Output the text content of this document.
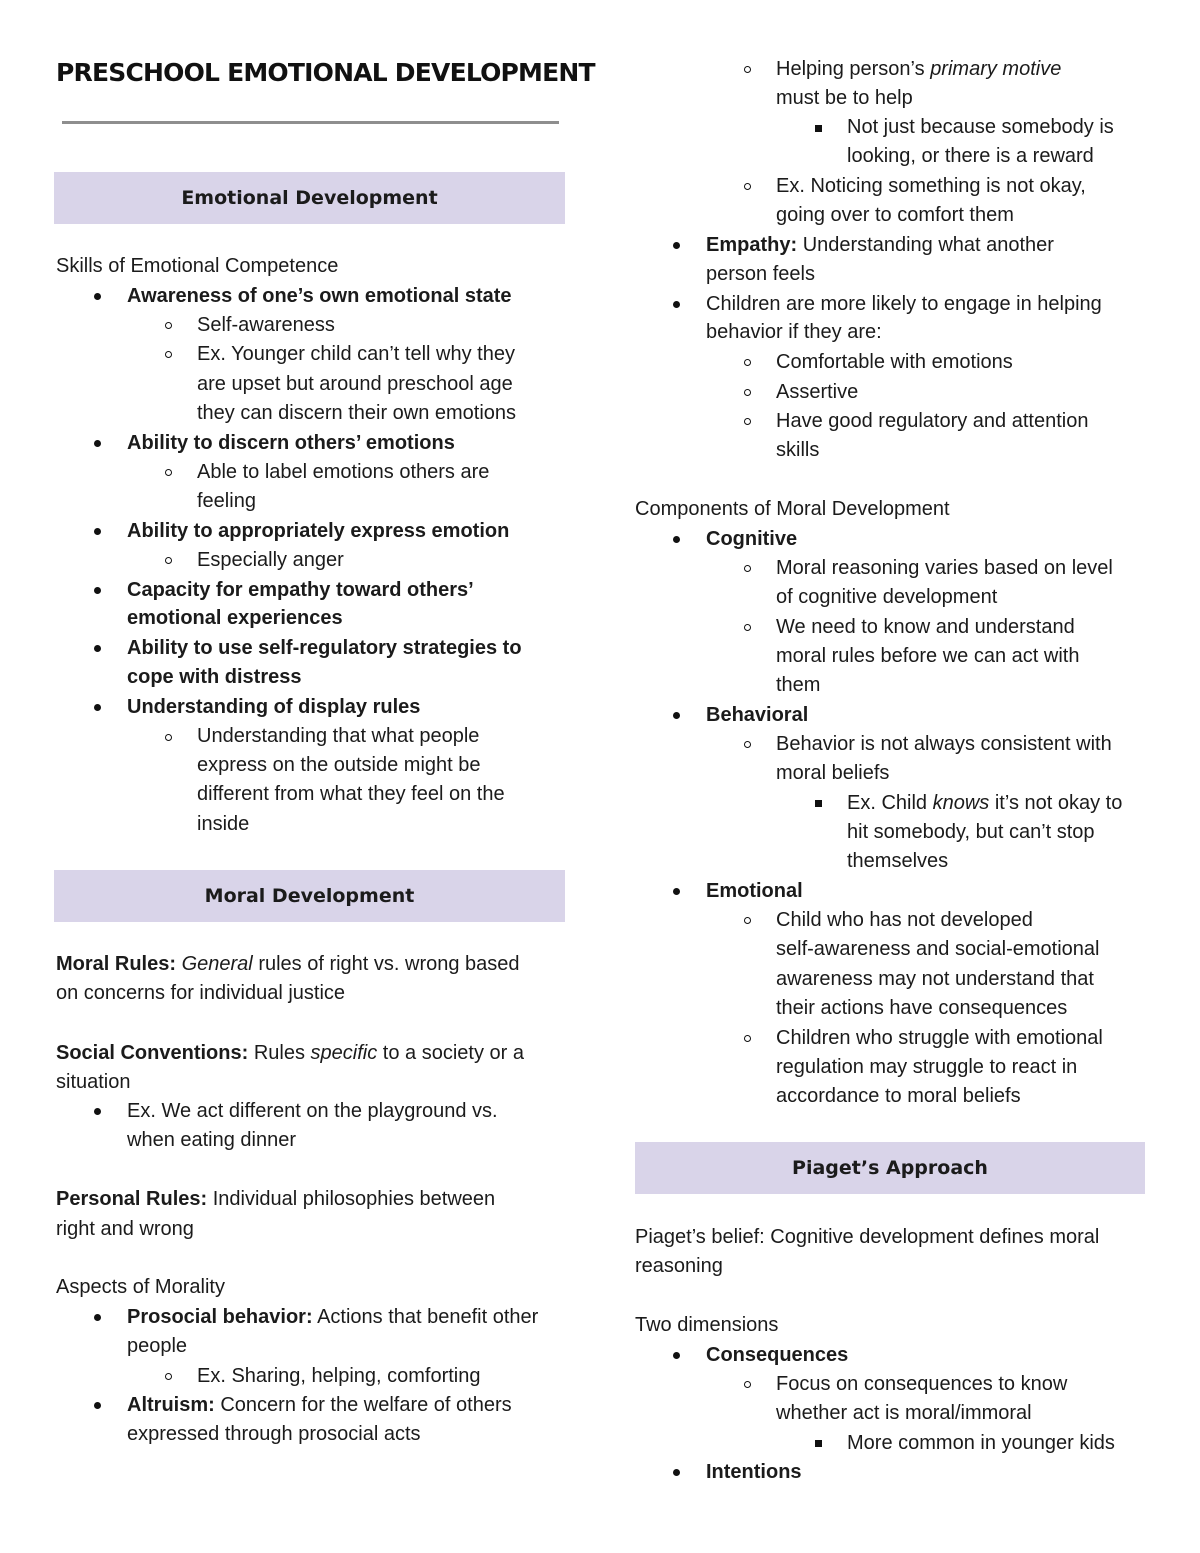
PRESCHOOL EMOTIONAL DEVELOPMENT
Emotional Development
Skills of Emotional Competence
Awareness of one’s own emotional state
Self-awareness
Ex. Younger child can’t tell why they
are upset but around preschool age
they can discern their own emotions
Ability to discern others’ emotions
Able to label emotions others are
feeling
Ability to appropriately express emotion
Especially anger
Capacity for empathy toward others’
emotional experiences
Ability to use self-regulatory strategies to
cope with distress
Understanding of display rules
Understanding that what people
express on the outside might be
different from what they feel on the
inside
Moral Development
Moral Rules: General rules of right vs. wrong based
on concerns for individual justice
Social Conventions: Rules specific to a society or a
situation
Ex. We act different on the playground vs.
when eating dinner
Personal Rules: Individual philosophies between
right and wrong
Aspects of Morality
Prosocial behavior: Actions that benefit other
people
Ex. Sharing, helping, comforting
Altruism: Concern for the welfare of others
expressed through prosocial acts
Helping person’s primary motive
must be to help
Not just because somebody is
looking, or there is a reward
Ex. Noticing something is not okay,
going over to comfort them
Empathy: Understanding what another
person feels
Children are more likely to engage in helping
behavior if they are:
Comfortable with emotions
Assertive
Have good regulatory and attention
skills
Components of Moral Development
Cognitive
Moral reasoning varies based on level
of cognitive development
We need to know and understand
moral rules before we can act with
them
Behavioral
Behavior is not always consistent with
moral beliefs
Ex. Child knows it’s not okay to
hit somebody, but can’t stop
themselves
Emotional
Child who has not developed
self-awareness and social-emotional
awareness may not understand that
their actions have consequences
Children who struggle with emotional
regulation may struggle to react in
accordance to moral beliefs
Piaget’s Approach
Piaget’s belief: Cognitive development defines moral
reasoning
Two dimensions
Consequences
Focus on consequences to know
whether act is moral/immoral
More common in younger kids
Intentions
